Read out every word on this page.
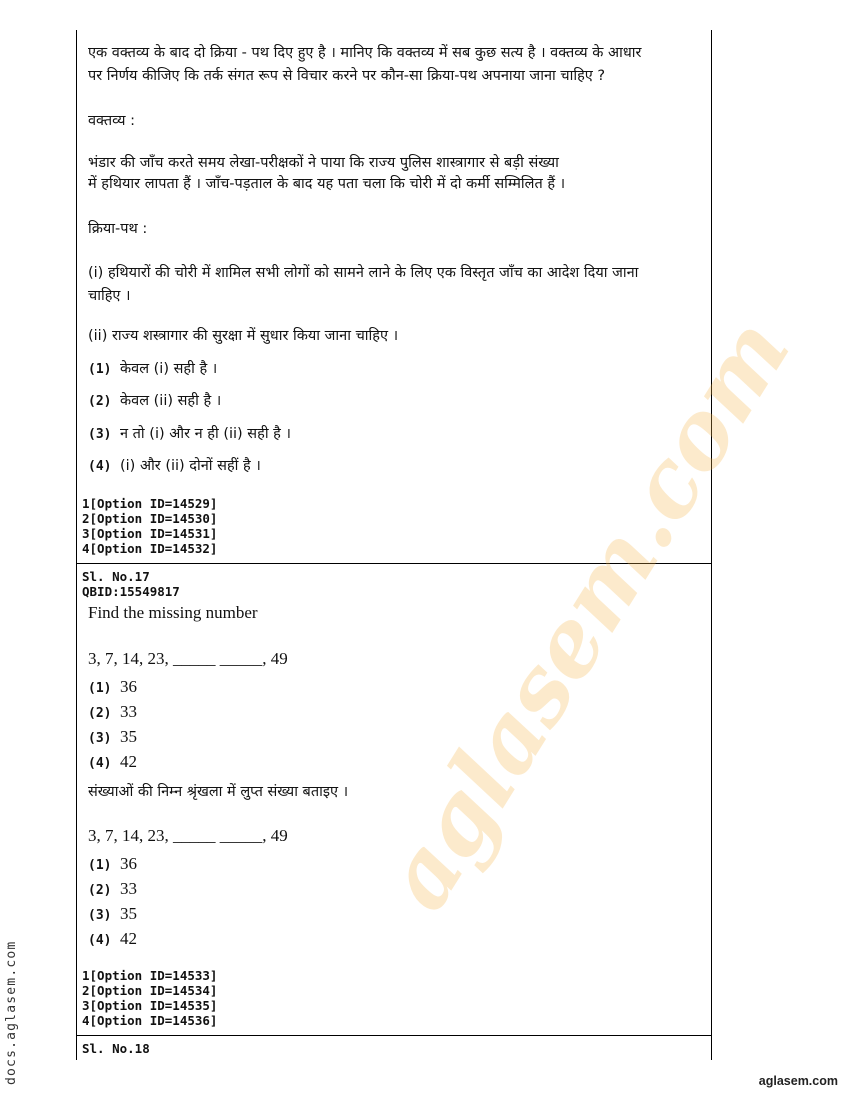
aglasem.com
एक वक्तव्य के बाद दो क्रिया - पथ दिए हुए है । मानिए कि वक्तव्य में सब कुछ सत्य है । वक्तव्य के आधार
पर निर्णय कीजिए कि तर्क संगत रूप से विचार करने पर कौन-सा क्रिया-पथ अपनाया जाना चाहिए ?
वक्तव्य :
भंडार की जाँच करते समय लेखा-परीक्षकों ने पाया कि राज्य पुलिस शास्त्रागार से बड़ी संख्या
में हथियार लापता हैं । जाँच-पड़ताल के बाद यह पता चला कि चोरी में दो कर्मी सम्मिलित हैं ।
क्रिया-पथ :
(i) हथियारों की चोरी में शामिल सभी लोगों को सामने लाने के लिए एक विस्तृत जाँच का आदेश दिया जाना
चाहिए ।
(ii) राज्य शस्त्रागार की सुरक्षा में सुधार किया जाना चाहिए ।
(1) केवल (i) सही है ।
(2) केवल (ii) सही है ।
(3) न तो (i) और न ही (ii) सही है ।
(4) (i) और (ii) दोनों सहीं है ।
1[Option ID=14529]
2[Option ID=14530]
3[Option ID=14531]
4[Option ID=14532]
Sl. No.17
QBID:15549817
Find the missing number
3, 7, 14, 23, _____ _____, 49
(1) 36
(2) 33
(3) 35
(4) 42
संख्याओं की निम्न श्रृंखला में लुप्त संख्या बताइए ।
3, 7, 14, 23, _____ _____, 49
(1) 36
(2) 33
(3) 35
(4) 42
1[Option ID=14533]
2[Option ID=14534]
3[Option ID=14535]
4[Option ID=14536]
Sl. No.18
docs.aglasem.com	aglasem.com
